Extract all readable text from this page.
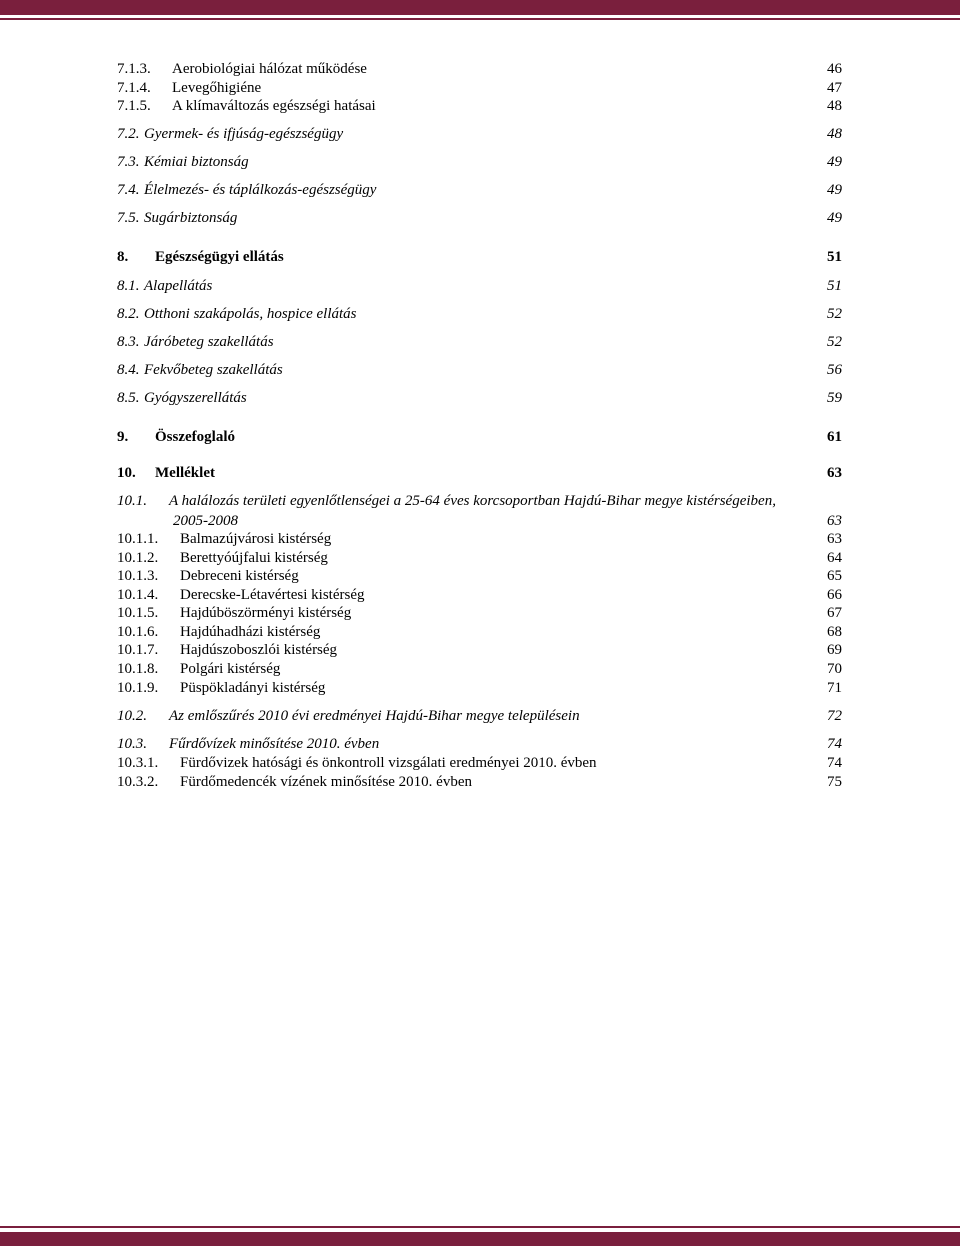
7.1.3. Aerobiológiai hálózat működése	46
7.1.4. Levegőhigiéne	47
7.1.5. A klímaváltozás egészségi hatásai	48
7.2. Gyermek- és ifjúság-egészségügy	48
7.3. Kémiai biztonság	49
7.4. Élelmezés- és táplálkozás-egészségügy	49
7.5. Sugárbiztonság	49
8. Egészségügyi ellátás	51
8.1. Alapellátás	51
8.2. Otthoni szakápolás, hospice ellátás	52
8.3. Járóbeteg szakellátás	52
8.4. Fekvőbeteg szakellátás	56
8.5. Gyógyszerellátás	59
9. Összefoglaló	61
10. Melléklet	63
10.1. A halálozás területi egyenlőtlenségei a 25-64 éves korcsoportban Hajdú-Bihar megye kistérségeiben,
2005-2008	63
10.1.1. Balmazújvárosi kistérség	63
10.1.2. Berettyóújfalui kistérség	64
10.1.3. Debreceni kistérség	65
10.1.4. Derecske-Létavértesi kistérség	66
10.1.5. Hajdúböszörményi kistérség	67
10.1.6. Hajdúhadházi kistérség	68
10.1.7. Hajdúszoboszlói kistérség	69
10.1.8. Polgári kistérség	70
10.1.9. Püspökladányi kistérség	71
10.2. Az emlőszűrés 2010 évi eredményei Hajdú-Bihar megye településein	72
10.3. Fűrdővízek minősítése 2010. évben	74
10.3.1. Fürdővizek hatósági és önkontroll vizsgálati eredményei 2010. évben	74
10.3.2. Fürdőmedencék vízének minősítése 2010. évben	75
